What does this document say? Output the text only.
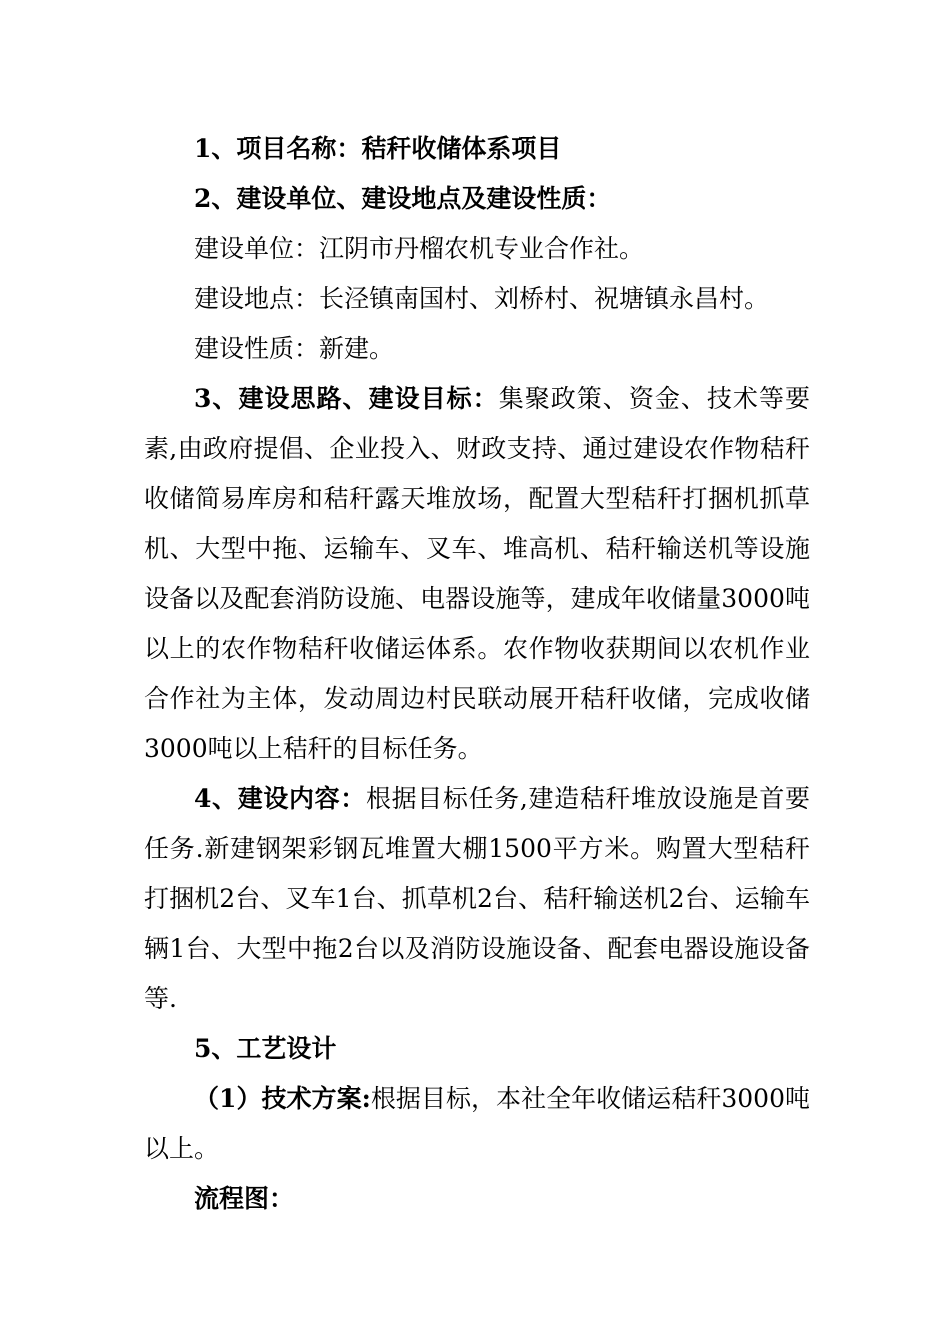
1、项目名称：秸秆收储体系项目

2、建设单位、建设地点及建设性质：

建设单位：江阴市丹榴农机专业合作社。

建设地点：长泾镇南国村、刘桥村、祝塘镇永昌村。

建设性质：新建。

3、建设思路、建设目标：集聚政策、资金、技术等要素,由政府提倡、企业投入、财政支持、通过建设农作物秸秆收储简易库房和秸秆露天堆放场，配置大型秸秆打捆机抓草机、大型中拖、运输车、叉车、堆高机、秸秆输送机等设施设备以及配套消防设施、电器设施等，建成年收储量3000吨以上的农作物秸秆收储运体系。农作物收获期间以农机作业合作社为主体，发动周边村民联动展开秸秆收储，完成收储3000吨以上秸秆的目标任务。

4、建设内容：根据目标任务,建造秸秆堆放设施是首要任务.新建钢架彩钢瓦堆置大棚1500平方米。购置大型秸秆打捆机2台、叉车1台、抓草机2台、秸秆输送机2台、运输车辆1台、大型中拖2台以及消防设施设备、配套电器设施设备等.

5、工艺设计

（1）技术方案:根据目标，本社全年收储运秸秆3000吨以上。

流程图：
